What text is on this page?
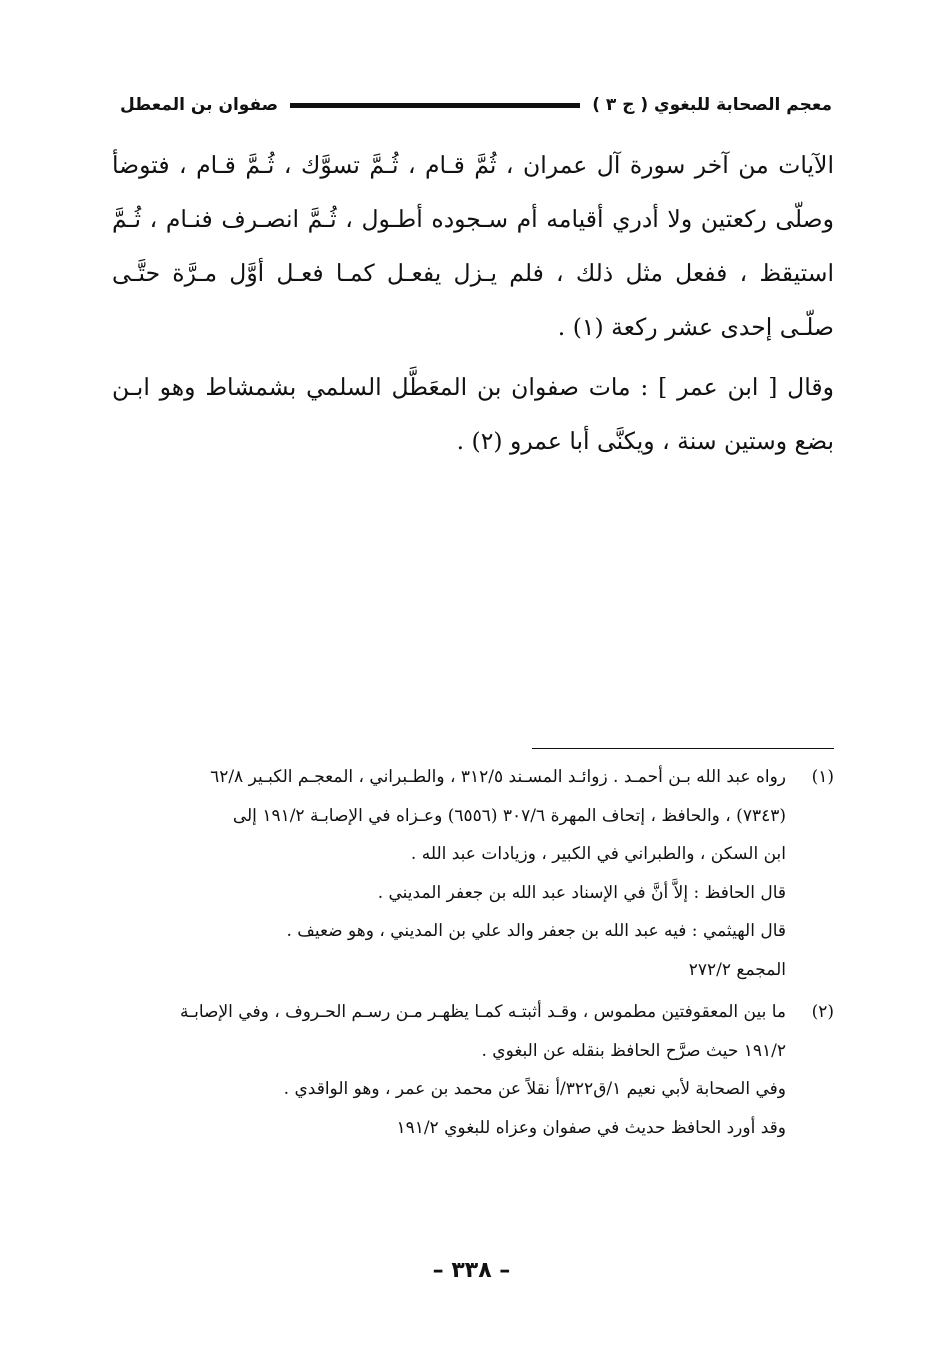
معجم الصحابة للبغوي ( ج ٣ )
صفوان بن المعطل

الآيات من آخر سورة آل عمران ، ثُمَّ قـام ، ثُـمَّ تسوَّك ، ثُـمَّ قـام ، فتوضأ وصلّى ركعتين ولا أدري أقيامه أم سـجوده أطـول ، ثُـمَّ انصـرف فنـام ، ثُـمَّ استيقظ ، ففعل مثل ذلك ، فلم يـزل يفعـل كمـا فعـل أوَّل مـرَّة حتَّـى صلّـى إحدى عشر ركعة (١) .

وقال [ ابن عمر ] : مات صفوان بن المعَطَّل السلمي بشمشاط وهو ابـن بضع وستين سنة ، ويكنَّى أبا عمرو (٢) .

(١)
رواه عبد الله بـن أحمـد . زوائـد المسـند ٣١٢/٥ ، والطـبراني ، المعجـم الكبـير ٦٢/٨
(٧٣٤٣) ، والحافظ ، إتحاف المهرة ٣٠٧/٦ (٦٥٥٦) وعـزاه في الإصابـة ١٩١/٢ إلى
ابن السكن ، والطبراني في الكبير ، وزيادات عبد الله .
قال الحافظ : إلاَّ أنَّ في الإسناد عبد الله بن جعفر المديني .
قال الهيثمي : فيه عبد الله بن جعفر والد علي بن المديني ، وهو ضعيف .
المجمع ٢٧٢/٢
(٢)
ما بين المعقوفتين مطموس ، وقـد أثبتـه كمـا يظهـر مـن رسـم الحـروف ، وفي الإصابـة
١٩١/٢ حيث صرَّح الحافظ بنقله عن البغوي .
وفي الصحابة لأبي نعيم ١/ق٣٢٢/أ نقلاً عن محمد بن عمر ، وهو الواقدي .
وقد أورد الحافظ حديث في صفوان وعزاه للبغوي ١٩١/٢
– ٣٣٨ –
